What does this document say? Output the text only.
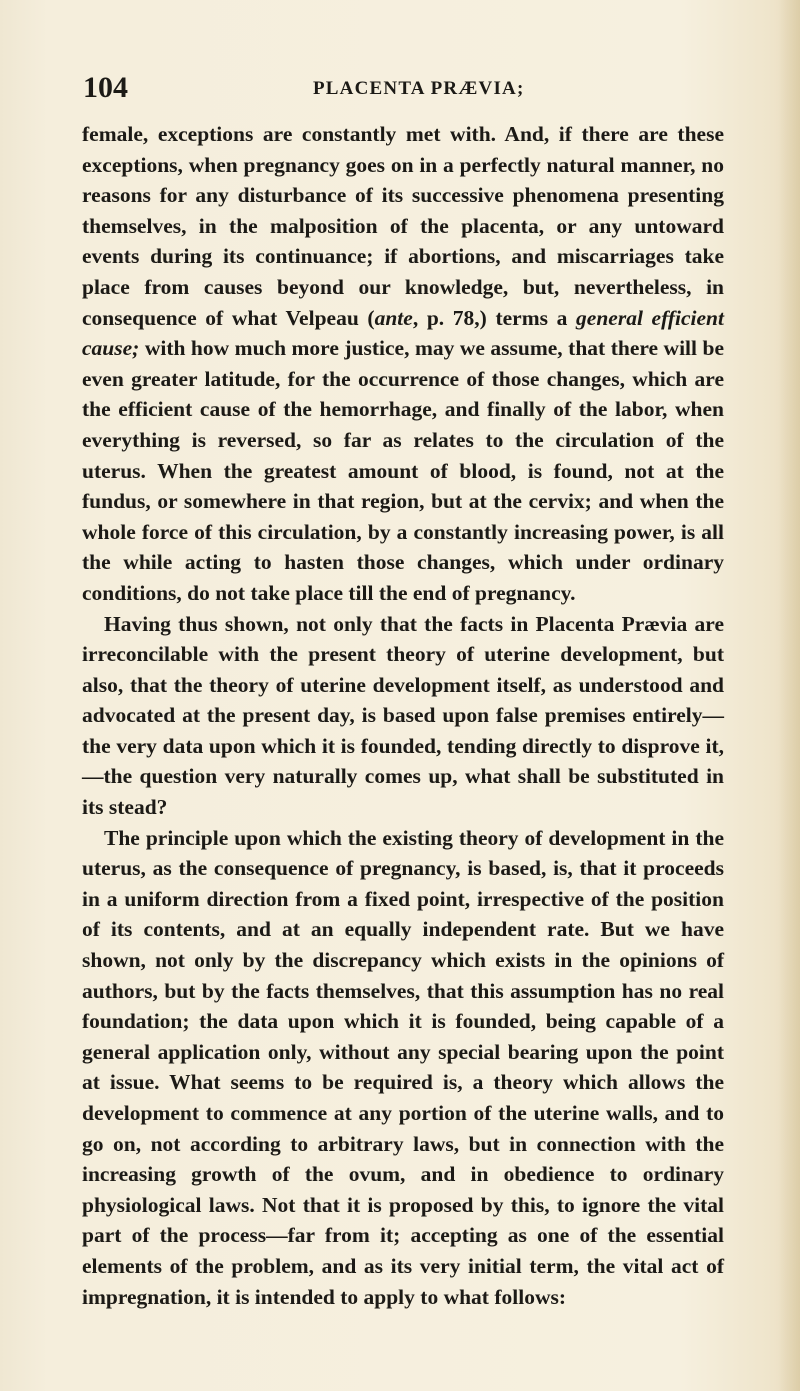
104	PLACENTA PRÆVIA;

female, exceptions are constantly met with. And, if there are these exceptions, when pregnancy goes on in a perfectly natural manner, no reasons for any disturbance of its successive phenomena presenting themselves, in the malposition of the placenta, or any untoward events during its continuance; if abortions, and miscarriages take place from causes beyond our knowledge, but, nevertheless, in consequence of what Velpeau (ante, p. 78,) terms a general efficient cause; with how much more justice, may we assume, that there will be even greater latitude, for the occurrence of those changes, which are the efficient cause of the hemorrhage, and finally of the labor, when everything is reversed, so far as relates to the circulation of the uterus. When the greatest amount of blood, is found, not at the fundus, or somewhere in that region, but at the cervix; and when the whole force of this circulation, by a constantly increasing power, is all the while acting to hasten those changes, which under ordinary conditions, do not take place till the end of pregnancy.

Having thus shown, not only that the facts in Placenta Prævia are irreconcilable with the present theory of uterine development, but also, that the theory of uterine development itself, as understood and advocated at the present day, is based upon false premises entirely—the very data upon which it is founded, tending directly to disprove it,—the question very naturally comes up, what shall be substituted in its stead?

The principle upon which the existing theory of development in the uterus, as the consequence of pregnancy, is based, is, that it proceeds in a uniform direction from a fixed point, irrespective of the position of its contents, and at an equally independent rate. But we have shown, not only by the discrepancy which exists in the opinions of authors, but by the facts themselves, that this assumption has no real foundation; the data upon which it is founded, being capable of a general application only, without any special bearing upon the point at issue. What seems to be required is, a theory which allows the development to commence at any portion of the uterine walls, and to go on, not according to arbitrary laws, but in connection with the increasing growth of the ovum, and in obedience to ordinary physiological laws. Not that it is proposed by this, to ignore the vital part of the process—far from it; accepting as one of the essential elements of the problem, and as its very initial term, the vital act of impregnation, it is intended to apply to what follows:
